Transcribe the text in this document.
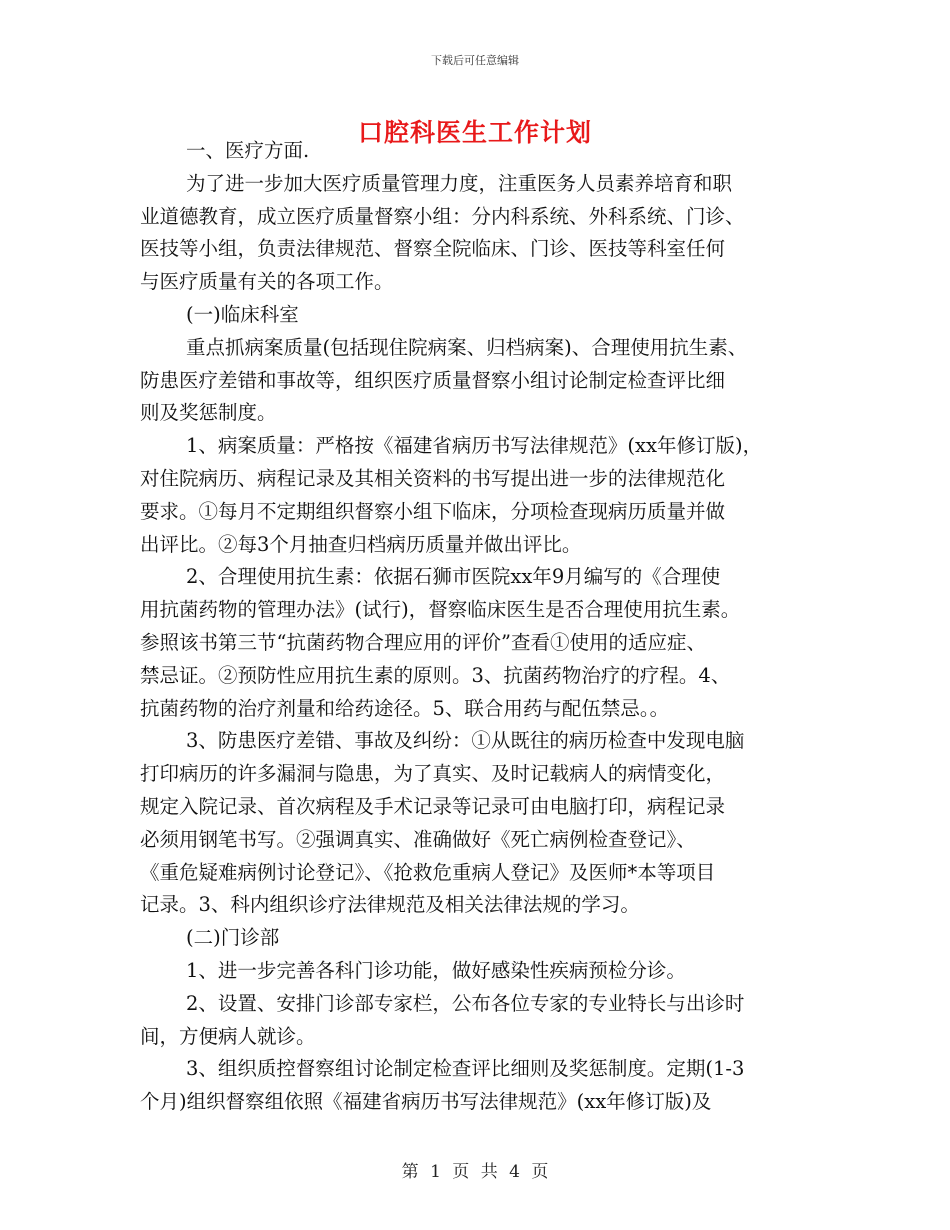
下载后可任意编辑
口腔科医生工作计划
一、医疗方面.
为了进一步加大医疗质量管理力度，注重医务人员素养培育和职
业道德教育，成立医疗质量督察小组：分内科系统、外科系统、门诊、
医技等小组，负责法律规范、督察全院临床、门诊、医技等科室任何
与医疗质量有关的各项工作。
(一)临床科室
重点抓病案质量(包括现住院病案、归档病案)、合理使用抗生素、
防患医疗差错和事故等，组织医疗质量督察小组讨论制定检查评比细
则及奖惩制度。
1、病案质量：严格按《福建省病历书写法律规范》(xx年修订版)，
对住院病历、病程记录及其相关资料的书写提出进一步的法律规范化
要求。①每月不定期组织督察小组下临床，分项检查现病历质量并做
出评比。②每3个月抽查归档病历质量并做出评比。
2、合理使用抗生素：依据石狮市医院xx年9月编写的《合理使
用抗菌药物的管理办法》(试行)，督察临床医生是否合理使用抗生素。
参照该书第三节“抗菌药物合理应用的评价”查看①使用的适应症、
禁忌证。②预防性应用抗生素的原则。3、抗菌药物治疗的疗程。4、
抗菌药物的治疗剂量和给药途径。5、联合用药与配伍禁忌。。
3、防患医疗差错、事故及纠纷：①从既往的病历检查中发现电脑
打印病历的许多漏洞与隐患，为了真实、及时记载病人的病情变化，
规定入院记录、首次病程及手术记录等记录可由电脑打印，病程记录
必须用钢笔书写。②强调真实、准确做好《死亡病例检查登记》、
《重危疑难病例讨论登记》、《抢救危重病人登记》及医师*本等项目
记录。3、科内组织诊疗法律规范及相关法律法规的学习。
(二)门诊部
1、进一步完善各科门诊功能，做好感染性疾病预检分诊。
2、设置、安排门诊部专家栏，公布各位专家的专业特长与出诊时
间，方便病人就诊。
3、组织质控督察组讨论制定检查评比细则及奖惩制度。定期(1-3
个月)组织督察组依照《福建省病历书写法律规范》(xx年修订版)及
第 1 页 共 4 页
